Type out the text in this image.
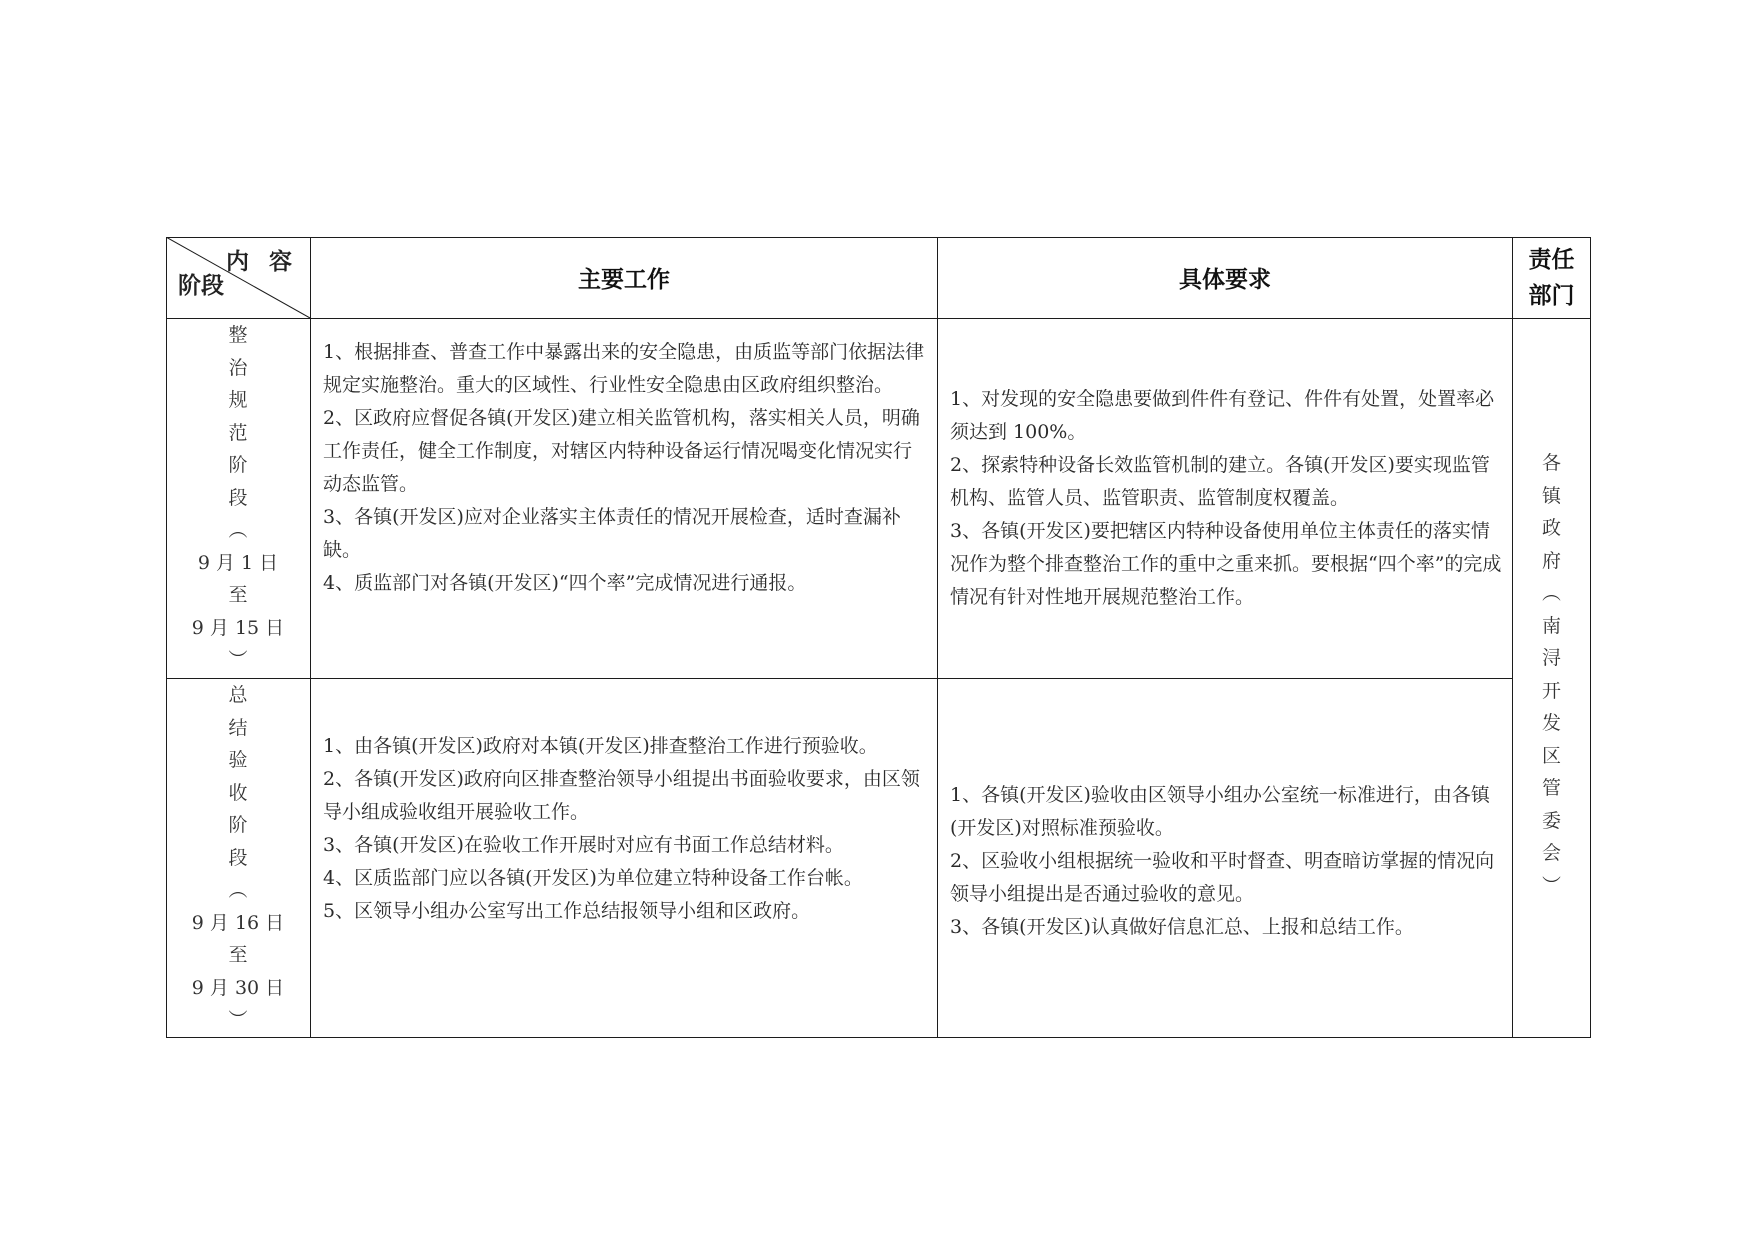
内 容
阶段	主要工作	具体要求
责任
部门
整
治
规
范
阶
段
︵
9 月 1 日
至
9 月 15 日
︶

1、根据排查、普查工作中暴露出来的安全隐患，由质监等部门依据法律规定实施整治。重大的区域性、行业性安全隐患由区政府组织整治。

2、区政府应督促各镇(开发区)建立相关监管机构，落实相关人员，明确工作责任，健全工作制度，对辖区内特种设备运行情况喝变化情况实行动态监管。

3、各镇(开发区)应对企业落实主体责任的情况开展检查，适时查漏补缺。

4、质监部门对各镇(开发区)“四个率”完成情况进行通报。

1、对发现的安全隐患要做到件件有登记、件件有处置，处置率必须达到 100%。

2、探索特种设备长效监管机制的建立。各镇(开发区)要实现监管机构、监管人员、监管职责、监管制度权覆盖。

3、各镇(开发区)要把辖区内特种设备使用单位主体责任的落实情况作为整个排查整治工作的重中之重来抓。要根据“四个率”的完成情况有针对性地开展规范整治工作。

总
结
验
收
阶
段
︵
9 月 16 日
至
9 月 30 日
︶

1、由各镇(开发区)政府对本镇(开发区)排查整治工作进行预验收。

2、各镇(开发区)政府向区排查整治领导小组提出书面验收要求，由区领导小组成验收组开展验收工作。

3、各镇(开发区)在验收工作开展时对应有书面工作总结材料。

4、区质监部门应以各镇(开发区)为单位建立特种设备工作台帐。

5、区领导小组办公室写出工作总结报领导小组和区政府。

1、各镇(开发区)验收由区领导小组办公室统一标准进行，由各镇(开发区)对照标准预验收。

2、区验收小组根据统一验收和平时督查、明查暗访掌握的情况向领导小组提出是否通过验收的意见。

3、各镇(开发区)认真做好信息汇总、上报和总结工作。

各
镇
政
府
︵
南
浔
开
发
区
管
委
会
︶
